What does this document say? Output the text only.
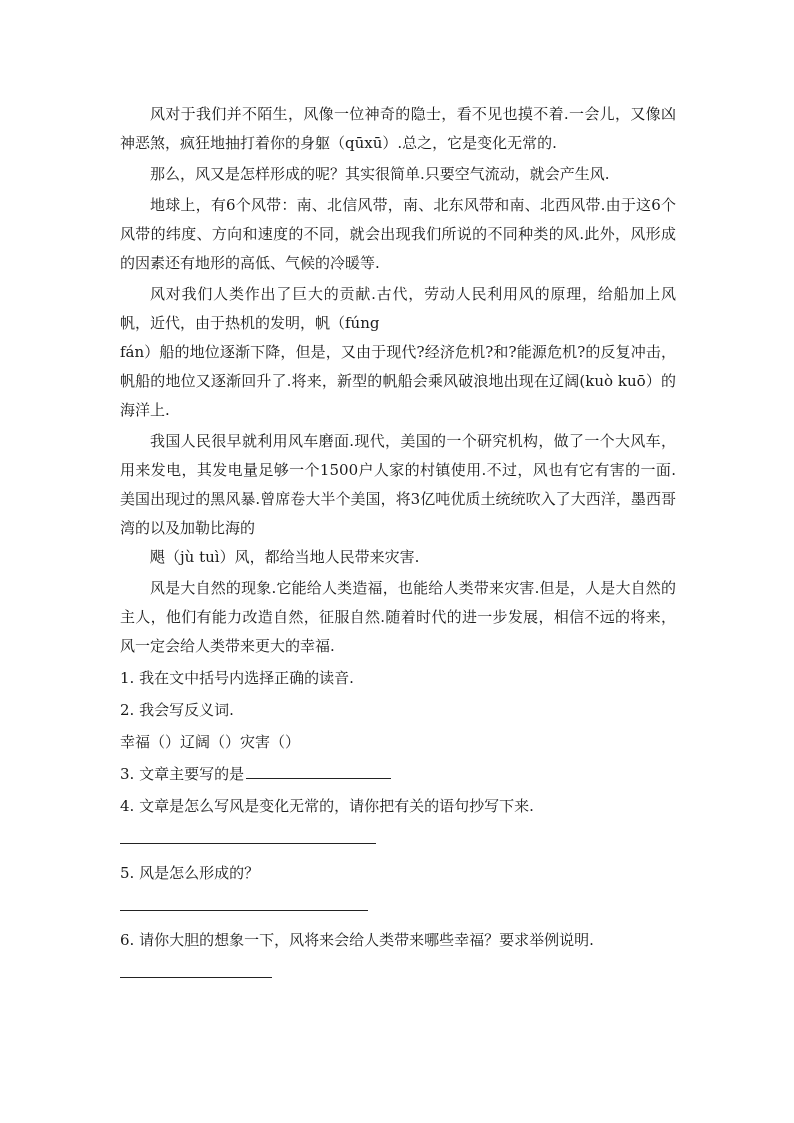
风对于我们并不陌生，风像一位神奇的隐士，看不见也摸不着.一会儿，又像凶神恶煞，疯狂地抽打着你的身躯（qūxū）.总之，它是变化无常的.

那么，风又是怎样形成的呢？其实很简单.只要空气流动，就会产生风.

地球上，有6个风带：南、北信风带，南、北东风带和南、北西风带.由于这6个风带的纬度、方向和速度的不同，就会出现我们所说的不同种类的风.此外，风形成的因素还有地形的高低、气候的冷暖等.

风对我们人类作出了巨大的贡献.古代，劳动人民利用风的原理，给船加上风帆，近代，由于热机的发明，帆（fúng

fán）船的地位逐渐下降，但是，又由于现代?经济危机?和?能源危机?的反复冲击，帆船的地位又逐渐回升了.将来，新型的帆船会乘风破浪地出现在辽阔(kuò kuō）的海洋上.

我国人民很早就利用风车磨面.现代，美国的一个研究机构，做了一个大风车，用来发电，其发电量足够一个1500户人家的村镇使用.不过，风也有它有害的一面.美国出现过的黑风暴.曾席卷大半个美国，将3亿吨优质土统统吹入了大西洋，墨西哥湾的以及加勒比海的

飓（jù tuì）风，都给当地人民带来灾害.

风是大自然的现象.它能给人类造福，也能给人类带来灾害.但是，人是大自然的主人，他们有能力改造自然，征服自然.随着时代的进一步发展，相信不远的将来，风一定会给人类带来更大的幸福.

1. 我在文中括号内选择正确的读音.

2. 我会写反义词.

幸福（）辽阔（）灾害（）

3. 文章主要写的是

4. 文章是怎么写风是变化无常的，请你把有关的语句抄写下来.

5. 风是怎么形成的？

6. 请你大胆的想象一下，风将来会给人类带来哪些幸福？要求举例说明.
